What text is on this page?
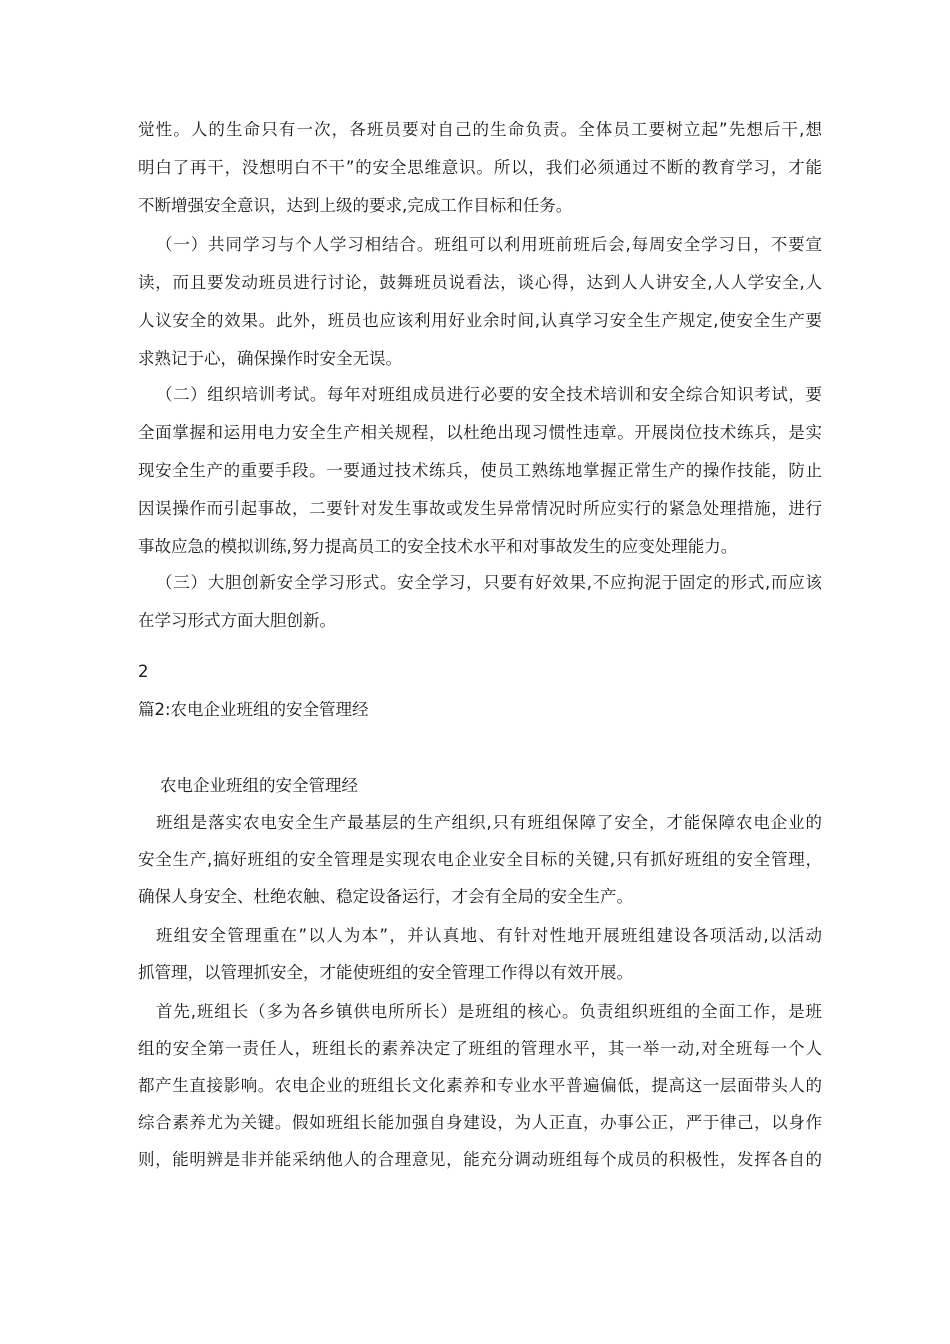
觉性。人的生命只有一次，各班员要对自己的生命负责。全体员工要树立起”先想后干,想
明白了再干，没想明白不干”的安全思维意识。所以，我们必须通过不断的教育学习，才能
不断增强安全意识，达到上级的要求,完成工作目标和任务。
（一）共同学习与个人学习相结合。班组可以利用班前班后会,每周安全学习日，不要宣
读，而且要发动班员进行讨论，鼓舞班员说看法，谈心得，达到人人讲安全,人人学安全,人
人议安全的效果。此外，班员也应该利用好业余时间,认真学习安全生产规定,使安全生产要
求熟记于心，确保操作时安全无误。
（二）组织培训考试。每年对班组成员进行必要的安全技术培训和安全综合知识考试，要
全面掌握和运用电力安全生产相关规程，以杜绝出现习惯性违章。开展岗位技术练兵，是实
现安全生产的重要手段。一要通过技术练兵，使员工熟练地掌握正常生产的操作技能，防止
因误操作而引起事故，二要针对发生事故或发生异常情况时所应实行的紧急处理措施，进行
事故应急的模拟训练,努力提高员工的安全技术水平和对事故发生的应变处理能力。
（三）大胆创新安全学习形式。安全学习，只要有好效果,不应拘泥于固定的形式,而应该
在学习形式方面大胆创新。
2
篇2:农电企业班组的安全管理经
农电企业班组的安全管理经
班组是落实农电安全生产最基层的生产组织,只有班组保障了安全，才能保障农电企业的
安全生产,搞好班组的安全管理是实现农电企业安全目标的关键,只有抓好班组的安全管理，
确保人身安全、杜绝农触、稳定设备运行，才会有全局的安全生产。
班组安全管理重在”以人为本”，并认真地、有针对性地开展班组建设各项活动,以活动
抓管理，以管理抓安全，才能使班组的安全管理工作得以有效开展。
首先,班组长（多为各乡镇供电所所长）是班组的核心。负责组织班组的全面工作，是班
组的安全第一责任人，班组长的素养决定了班组的管理水平，其一举一动,对全班每一个人
都产生直接影响。农电企业的班组长文化素养和专业水平普遍偏低，提高这一层面带头人的
综合素养尤为关键。假如班组长能加强自身建设，为人正直，办事公正，严于律己，以身作
则，能明辨是非并能采纳他人的合理意见，能充分调动班组每个成员的积极性，发挥各自的
